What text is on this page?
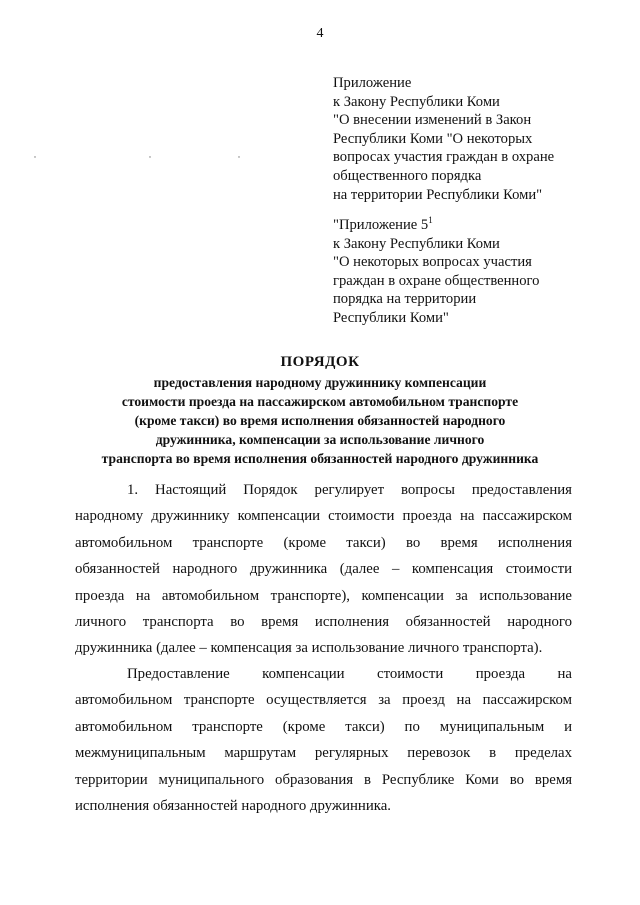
4
Приложение
к Закону Республики Коми
"О внесении изменений в Закон
Республики Коми "О некоторых
вопросах участия граждан в охране
общественного порядка
на территории Республики Коми"
"Приложение $5^1$
к Закону Республики Коми
"О некоторых вопросах участия
граждан в охране общественного
порядка на территории
Республики Коми"
ПОРЯДОК
предоставления народному дружиннику компенсации
стоимости проезда на пассажирском автомобильном транспорте
(кроме такси) во время исполнения обязанностей народного
дружинника, компенсации за использование личного
транспорта во время исполнения обязанностей народного дружинника
1. Настоящий Порядок регулирует вопросы предоставления
народному дружиннику компенсации стоимости проезда на пассажирском
автомобильном транспорте (кроме такси) во время исполнения
обязанностей народного дружинника (далее – компенсация стоимости
проезда на автомобильном транспорте), компенсации за использование
личного транспорта во время исполнения обязанностей народного
дружинника (далее – компенсация за использование личного транспорта).
Предоставление компенсации стоимости проезда на
автомобильном транспорте осуществляется за проезд на пассажирском
автомобильном транспорте (кроме такси) по муниципальным и
межмуниципальным маршрутам регулярных перевозок в пределах
территории муниципального образования в Республике Коми во время
исполнения обязанностей народного дружинника.
